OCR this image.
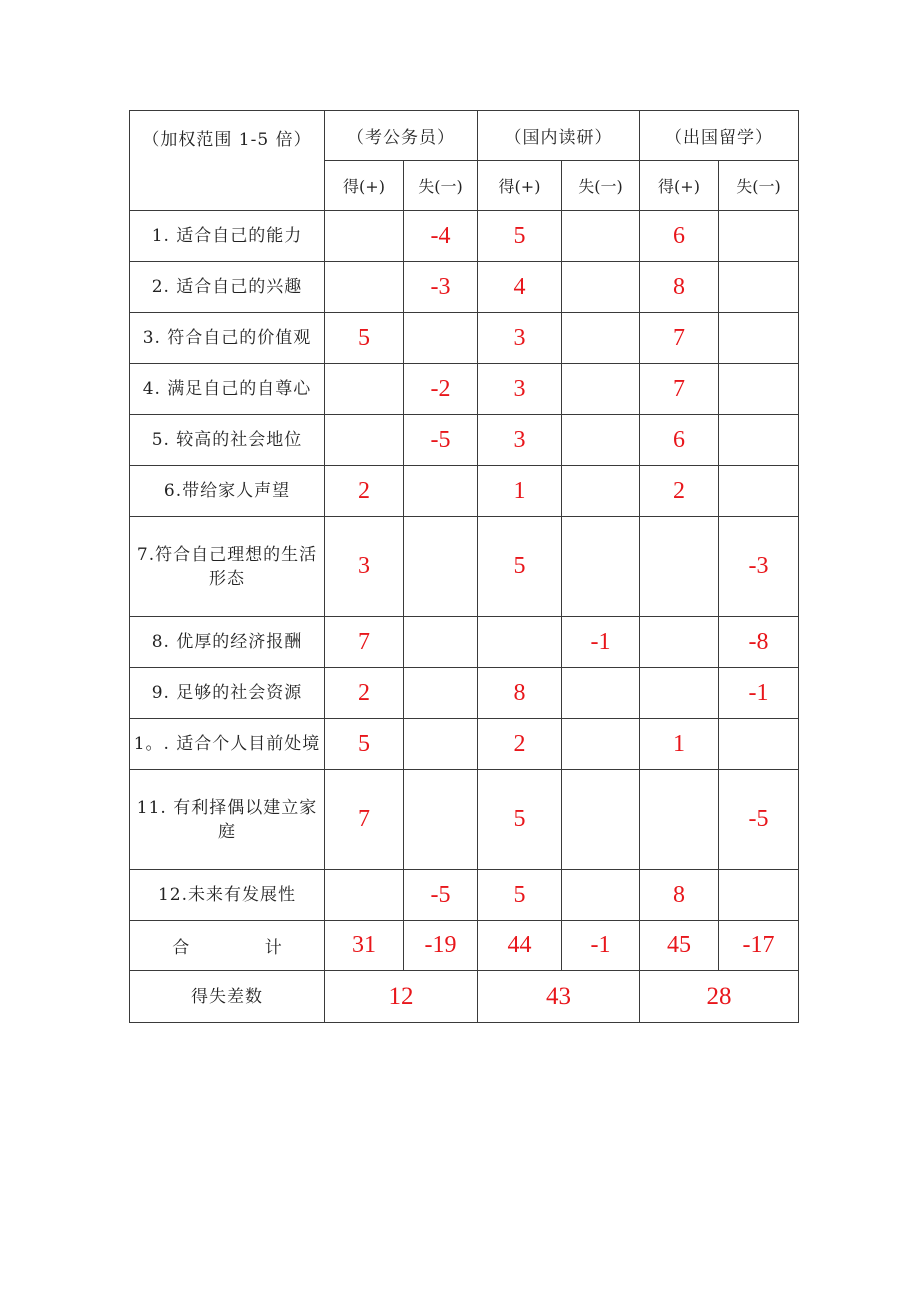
（加权范围 1-5 倍）	（考公务员）		（国内读研）		（出国留学）	
	得(+)	失(一)	得(+)	失(一)	得(+)	失(一)
1. 适合自己的能力		-4	5		6	
2. 适合自己的兴趣		-3	4		8	
3. 符合自己的价值观	5		3		7	
4. 满足自己的自尊心		-2	3		7	
5. 较高的社会地位		-5	3		6	
6.带给家人声望	2		1		2	
7.符合自己理想的生活形态	3		5			-3
8. 优厚的经济报酬	7			-1		-8
9. 足够的社会资源	2		8			-1
1。. 适合个人目前处境	5		2		1	
11. 有利择偶以建立家庭	7		5			-5
12.未来有发展性		-5	5		8	
合 计	31	-19	44	-1	45	-17
得失差数	12		43		28	
